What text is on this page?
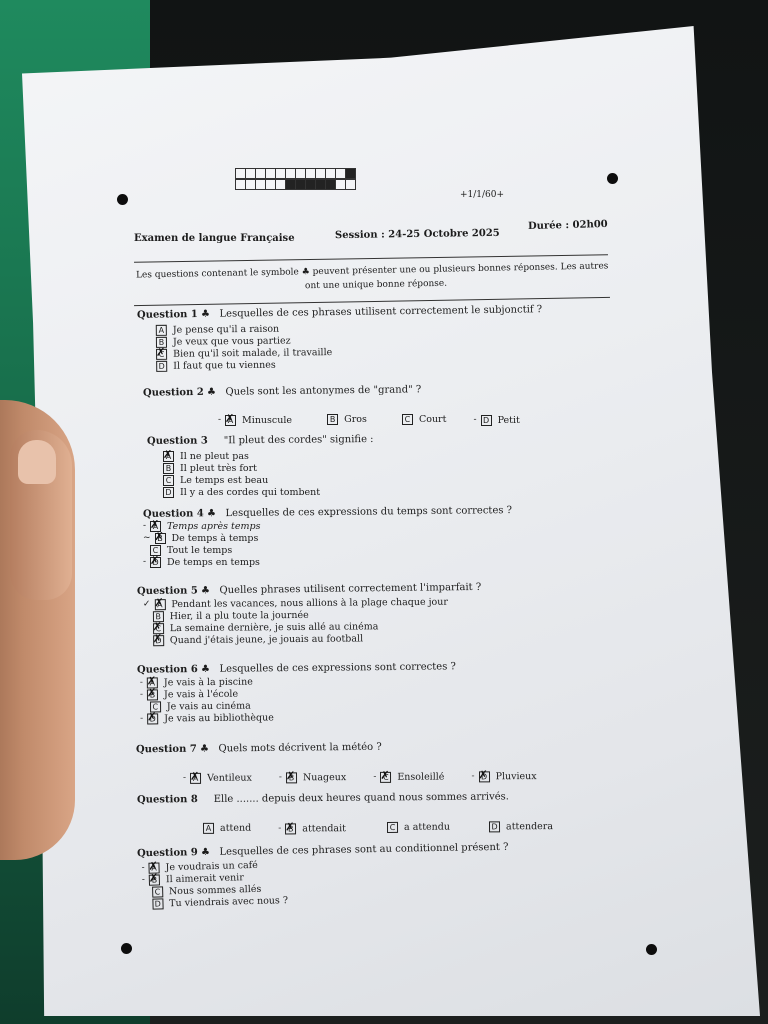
+1/1/60+
Examen de langue Française	Session : 24-25 Octobre 2025
Durée : 02h00
Les questions contenant le symbole ♣ peuvent présenter une ou plusieurs bonnes réponses. Les autres
ont une unique bonne réponse.
Question 1 ♣ Lesquelles de ces phrases utilisent correctement le subjonctif ?
A Je pense qu'il a raison
B Je veux que vous partiez
C ✗ Bien qu'il soit malade, il travaille
D Il faut que tu viennes
Question 2 ♣ Quels sont les antonymes de "grand" ?
- A ✗ Minuscule
	B Gros
	C Court
	- D Petit
Question 3 "Il pleut des cordes" signifie :
A ✗ Il ne pleut pas
B Il pleut très fort
C Le temps est beau
D Il y a des cordes qui tombent
Question 4 ♣ Lesquelles de ces expressions du temps sont correctes ?
- A ✗ Temps après temps
~ B ✗ De temps à temps

C Tout le temps
- D ✗ De temps en temps
Question 5 ♣ Quelles phrases utilisent correctement l'imparfait ?
✓ A ✗ Pendant les vacances, nous allions à la plage chaque jour

B Hier, il a plu toute la journée

C ✗ La semaine dernière, je suis allé au cinéma

D ✗ Quand j'étais jeune, je jouais au football
Question 6 ♣ Lesquelles de ces expressions sont correctes ?
- A ✗ Je vais à la piscine
- B ✗ Je vais à l'école

C Je vais au cinéma
- D ✗ Je vais au bibliothèque
Question 7 ♣ Quels mots décrivent la météo ?
- A ✗ Ventileux
	- B ✗ Nuageux
	- C ✗ Ensoleillé
	- D ✗ Pluvieux
Question 8 Elle ....... depuis deux heures quand nous sommes arrivés.
A attend
	- B ✗ attendait
	C a attendu
	D attendera
Question 9 ♣ Lesquelles de ces phrases sont au conditionnel présent ?
- A ✗ Je voudrais un café
- B ✗ Il aimerait venir

C Nous sommes allés

D Tu viendrais avec nous ?
